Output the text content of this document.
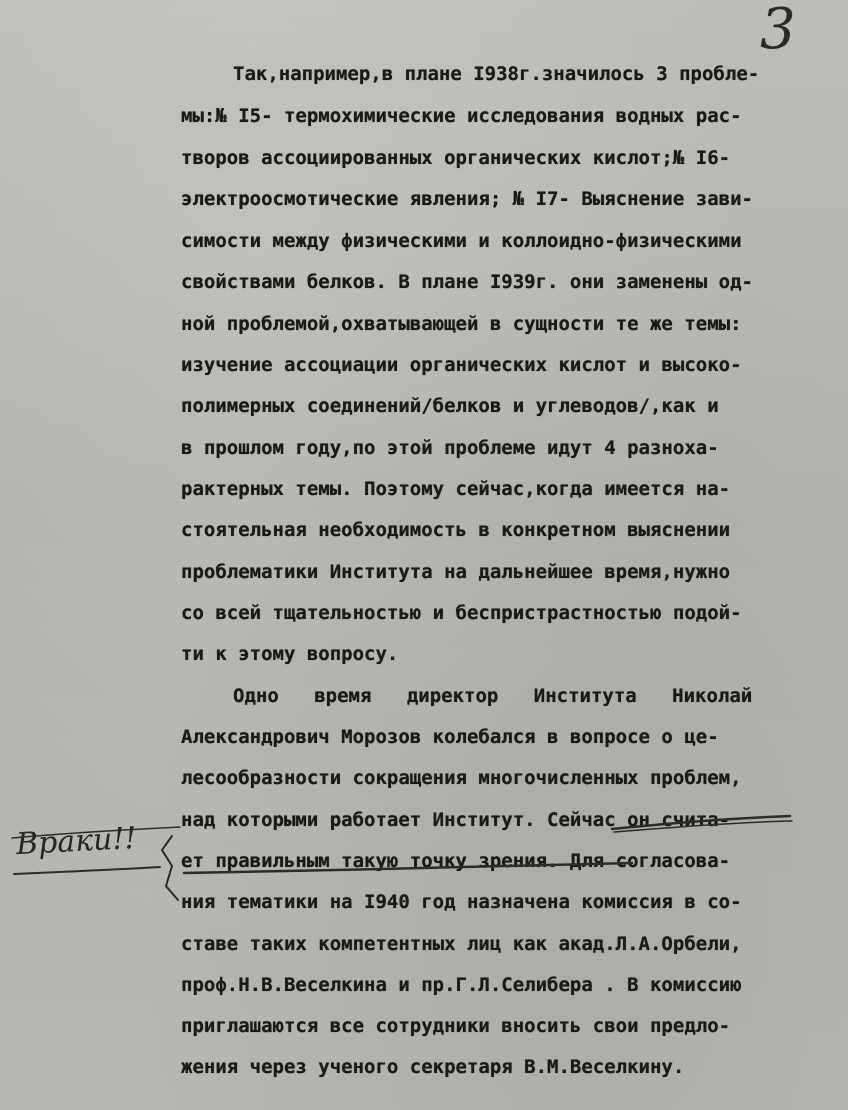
3
Так,например,в плане I938г.значилось 3 пробле-
мы:№ I5- термохимические исследования водных рас-
творов ассоциированных органических кислот;№ I6-
электроосмотические явления; № I7- Выяснение зави-
симости между физическими и коллоидно-физическими
свойствами белков. В плане I939г. они заменены од-
ной проблемой,охватывающей в сущности те же темы:
изучение ассоциации органических кислот и высоко-
полимерных соединений/белков и углеводов/,как и
в прошлом году,по этой проблеме идут 4 разноха-
рактерных темы. Поэтому сейчас,когда имеется на-
стоятельная необходимость в конкретном выяснении
проблематики Института на дальнейшее время,нужно
со всей тщательностью и беспристрастностью подой-
ти к этому вопросу.
Одно время директор Института Николай
Александрович Морозов колебался в вопросе о це-
лесообразности сокращения многочисленных проблем,
над которыми работает Институт. Сейчас он счита-
ет правильным такую точку зрения. Для согласова-
ния тематики на I940 год назначена комиссия в со-
ставе таких компетентных лиц как акад.Л.А.Орбели,
проф.Н.В.Веселкина и пр.Г.Л.Селибера . В комиссию
приглашаются все сотрудники вносить свои предло-
жения через ученого секретаря В.М.Веселкину.
Враки!!
